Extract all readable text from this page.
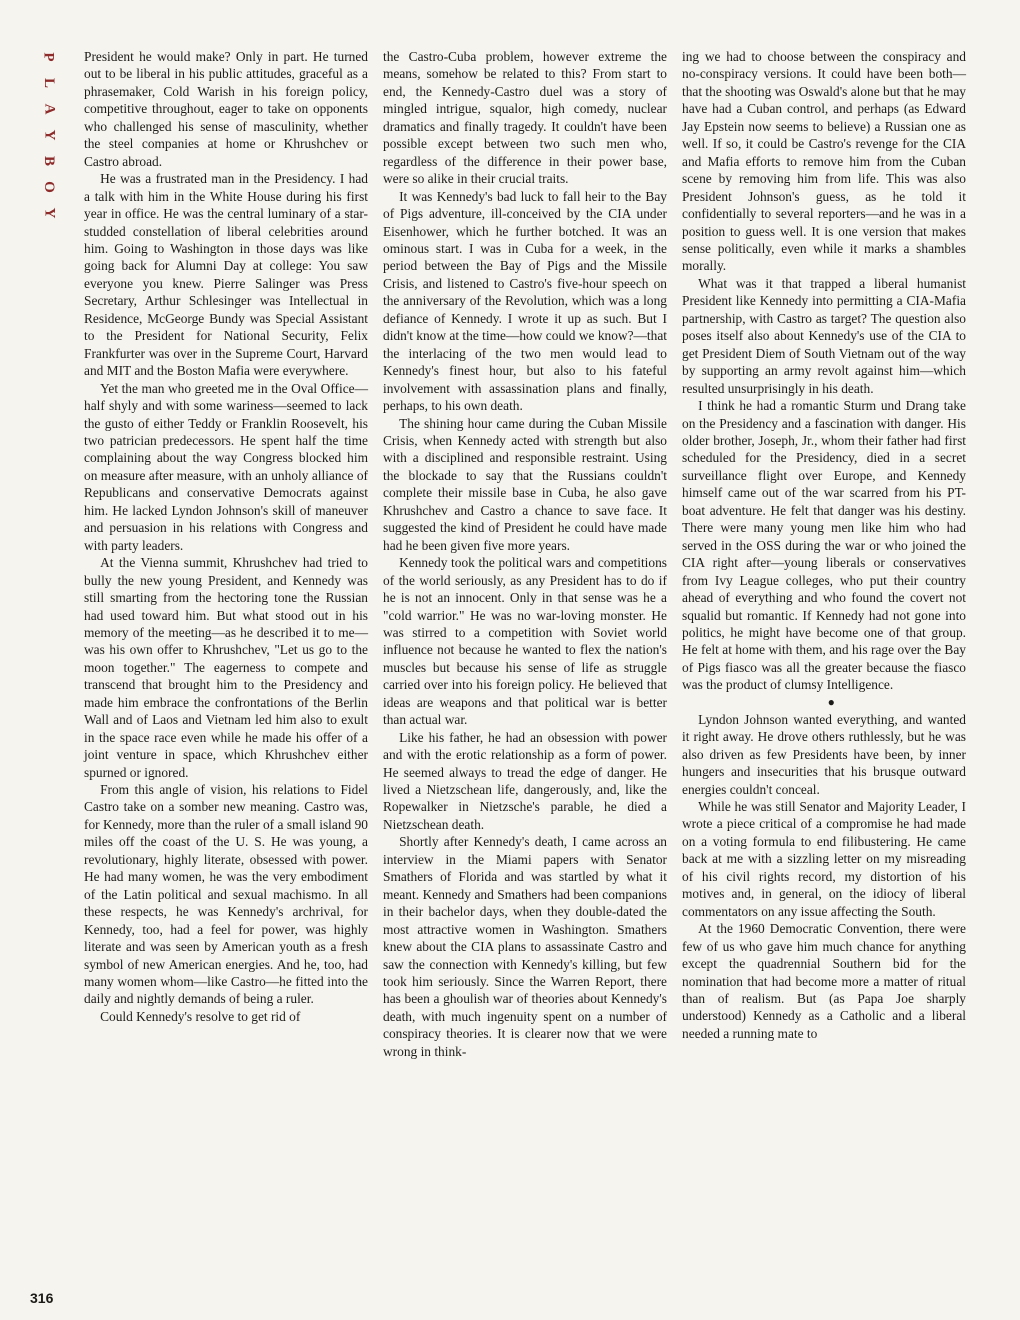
P
L
A
Y
B
O
Y

President he would make? Only in part. He turned out to be liberal in his public attitudes, graceful as a phrasemaker, Cold Warish in his foreign policy, competitive throughout, eager to take on opponents who challenged his sense of masculinity, whether the steel companies at home or Khrushchev or Castro abroad.

He was a frustrated man in the Presidency. I had a talk with him in the White House during his first year in office. He was the central luminary of a star-studded constellation of liberal celebrities around him. Going to Washington in those days was like going back for Alumni Day at college: You saw everyone you knew. Pierre Salinger was Press Secretary, Arthur Schlesinger was Intellectual in Residence, McGeorge Bundy was Special Assistant to the President for National Security, Felix Frankfurter was over in the Supreme Court, Harvard and MIT and the Boston Mafia were everywhere.

Yet the man who greeted me in the Oval Office—half shyly and with some wariness—seemed to lack the gusto of either Teddy or Franklin Roosevelt, his two patrician predecessors. He spent half the time complaining about the way Congress blocked him on measure after measure, with an unholy alliance of Republicans and conservative Democrats against him. He lacked Lyndon Johnson's skill of maneuver and persuasion in his relations with Congress and with party leaders.

At the Vienna summit, Khrushchev had tried to bully the new young President, and Kennedy was still smarting from the hectoring tone the Russian had used toward him. But what stood out in his memory of the meeting—as he described it to me—was his own offer to Khrushchev, "Let us go to the moon together." The eagerness to compete and transcend that brought him to the Presidency and made him embrace the confrontations of the Berlin Wall and of Laos and Vietnam led him also to exult in the space race even while he made his offer of a joint venture in space, which Khrushchev either spurned or ignored.

From this angle of vision, his relations to Fidel Castro take on a somber new meaning. Castro was, for Kennedy, more than the ruler of a small island 90 miles off the coast of the U. S. He was young, a revolutionary, highly literate, obsessed with power. He had many women, he was the very embodiment of the Latin political and sexual machismo. In all these respects, he was Kennedy's archrival, for Kennedy, too, had a feel for power, was highly literate and was seen by American youth as a fresh symbol of new American energies. And he, too, had many women whom—like Castro—he fitted into the daily and nightly demands of being a ruler.

Could Kennedy's resolve to get rid of

the Castro-Cuba problem, however extreme the means, somehow be related to this? From start to end, the Kennedy-Castro duel was a story of mingled intrigue, squalor, high comedy, nuclear dramatics and finally tragedy. It couldn't have been possible except between two such men who, regardless of the difference in their power base, were so alike in their crucial traits.

It was Kennedy's bad luck to fall heir to the Bay of Pigs adventure, ill-conceived by the CIA under Eisenhower, which he further botched. It was an ominous start. I was in Cuba for a week, in the period between the Bay of Pigs and the Missile Crisis, and listened to Castro's five-hour speech on the anniversary of the Revolution, which was a long defiance of Kennedy. I wrote it up as such. But I didn't know at the time—how could we know?—that the interlacing of the two men would lead to Kennedy's finest hour, but also to his fateful involvement with assassination plans and finally, perhaps, to his own death.

The shining hour came during the Cuban Missile Crisis, when Kennedy acted with strength but also with a disciplined and responsible restraint. Using the blockade to say that the Russians couldn't complete their missile base in Cuba, he also gave Khrushchev and Castro a chance to save face. It suggested the kind of President he could have made had he been given five more years.

Kennedy took the political wars and competitions of the world seriously, as any President has to do if he is not an innocent. Only in that sense was he a "cold warrior." He was no war-loving monster. He was stirred to a competition with Soviet world influence not because he wanted to flex the nation's muscles but because his sense of life as struggle carried over into his foreign policy. He believed that ideas are weapons and that political war is better than actual war.

Like his father, he had an obsession with power and with the erotic relationship as a form of power. He seemed always to tread the edge of danger. He lived a Nietzschean life, dangerously, and, like the Ropewalker in Nietzsche's parable, he died a Nietzschean death.

Shortly after Kennedy's death, I came across an interview in the Miami papers with Senator Smathers of Florida and was startled by what it meant. Kennedy and Smathers had been companions in their bachelor days, when they double-dated the most attractive women in Washington. Smathers knew about the CIA plans to assassinate Castro and saw the connection with Kennedy's killing, but few took him seriously. Since the Warren Report, there has been a ghoulish war of theories about Kennedy's death, with much ingenuity spent on a number of conspiracy theories. It is clearer now that we were wrong in think-

ing we had to choose between the conspiracy and no-conspiracy versions. It could have been both—that the shooting was Oswald's alone but that he may have had a Cuban control, and perhaps (as Edward Jay Epstein now seems to believe) a Russian one as well. If so, it could be Castro's revenge for the CIA and Mafia efforts to remove him from the Cuban scene by removing him from life. This was also President Johnson's guess, as he told it confidentially to several reporters—and he was in a position to guess well. It is one version that makes sense politically, even while it marks a shambles morally.

What was it that trapped a liberal humanist President like Kennedy into permitting a CIA-Mafia partnership, with Castro as target? The question also poses itself also about Kennedy's use of the CIA to get President Diem of South Vietnam out of the way by supporting an army revolt against him—which resulted unsurprisingly in his death.

I think he had a romantic Sturm und Drang take on the Presidency and a fascination with danger. His older brother, Joseph, Jr., whom their father had first scheduled for the Presidency, died in a secret surveillance flight over Europe, and Kennedy himself came out of the war scarred from his PT-boat adventure. He felt that danger was his destiny. There were many young men like him who had served in the OSS during the war or who joined the CIA right after—young liberals or conservatives from Ivy League colleges, who put their country ahead of everything and who found the covert not squalid but romantic. If Kennedy had not gone into politics, he might have become one of that group. He felt at home with them, and his rage over the Bay of Pigs fiasco was all the greater because the fiasco was the product of clumsy Intelligence.

●

Lyndon Johnson wanted everything, and wanted it right away. He drove others ruthlessly, but he was also driven as few Presidents have been, by inner hungers and insecurities that his brusque outward energies couldn't conceal.

While he was still Senator and Majority Leader, I wrote a piece critical of a compromise he had made on a voting formula to end filibustering. He came back at me with a sizzling letter on my misreading of his civil rights record, my distortion of his motives and, in general, on the idiocy of liberal commentators on any issue affecting the South.

At the 1960 Democratic Convention, there were few of us who gave him much chance for anything except the quadrennial Southern bid for the nomination that had become more a matter of ritual than of realism. But (as Papa Joe sharply understood) Kennedy as a Catholic and a liberal needed a running mate to

316
